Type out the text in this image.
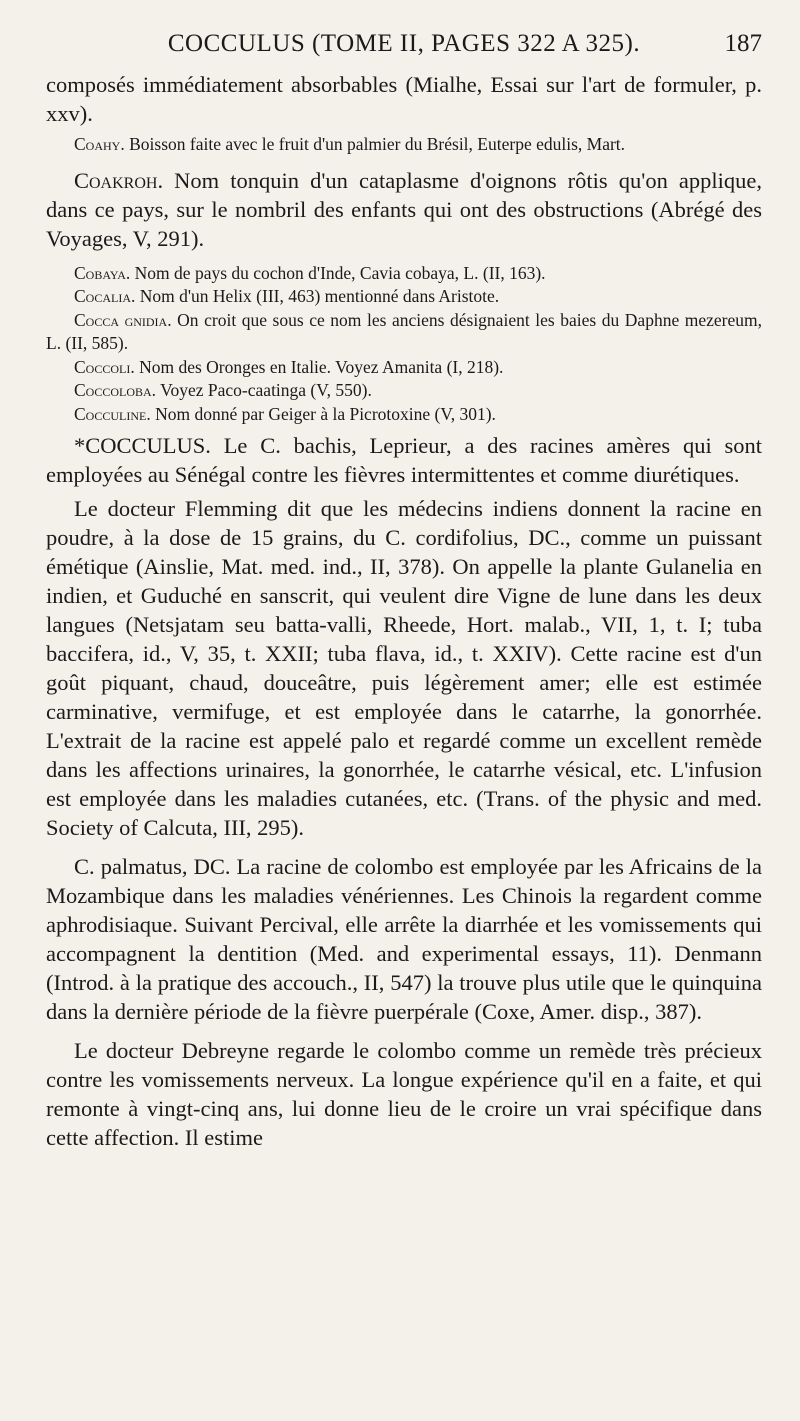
COCCULUS (TOME II, PAGES 322 A 325).	187

composés immédiatement absorbables (Mialhe, Essai sur l'art de formuler, p. xxv).

Coahy. Boisson faite avec le fruit d'un palmier du Brésil, Euterpe edulis, Mart.

Coakroh. Nom tonquin d'un cataplasme d'oignons rôtis qu'on applique, dans ce pays, sur le nombril des enfants qui ont des obstructions (Abrégé des Voyages, V, 291).

Cobaya. Nom de pays du cochon d'Inde, Cavia cobaya, L. (II, 163).

Cocalia. Nom d'un Helix (III, 463) mentionné dans Aristote.

Cocca gnidia. On croit que sous ce nom les anciens désignaient les baies du Daphne mezereum, L. (II, 585).

Coccoli. Nom des Oronges en Italie. Voyez Amanita (I, 218).

Coccoloba. Voyez Paco-caatinga (V, 550).

Cocculine. Nom donné par Geiger à la Picrotoxine (V, 301).

*COCCULUS. Le C. bachis, Leprieur, a des racines amères qui sont employées au Sénégal contre les fièvres intermittentes et comme diurétiques.

Le docteur Flemming dit que les médecins indiens donnent la racine en poudre, à la dose de 15 grains, du C. cordifolius, DC., comme un puissant émétique (Ainslie, Mat. med. ind., II, 378). On appelle la plante Gulanelia en indien, et Guduché en sanscrit, qui veulent dire Vigne de lune dans les deux langues (Netsjatam seu batta-valli, Rheede, Hort. malab., VII, 1, t. I; tuba baccifera, id., V, 35, t. XXII; tuba flava, id., t. XXIV). Cette racine est d'un goût piquant, chaud, douceâtre, puis légèrement amer; elle est estimée carminative, vermifuge, et est employée dans le catarrhe, la gonorrhée. L'extrait de la racine est appelé palo et regardé comme un excellent remède dans les affections urinaires, la gonorrhée, le catarrhe vésical, etc. L'infusion est employée dans les maladies cutanées, etc. (Trans. of the physic and med. Society of Calcuta, III, 295).

C. palmatus, DC. La racine de colombo est employée par les Africains de la Mozambique dans les maladies vénériennes. Les Chinois la regardent comme aphrodisiaque. Suivant Percival, elle arrête la diarrhée et les vomissements qui accompagnent la dentition (Med. and experimental essays, 11). Denmann (Introd. à la pratique des accouch., II, 547) la trouve plus utile que le quinquina dans la dernière période de la fièvre puerpérale (Coxe, Amer. disp., 387).

Le docteur Debreyne regarde le colombo comme un remède très précieux contre les vomissements nerveux. La longue expérience qu'il en a faite, et qui remonte à vingt-cinq ans, lui donne lieu de le croire un vrai spécifique dans cette affection. Il estime
